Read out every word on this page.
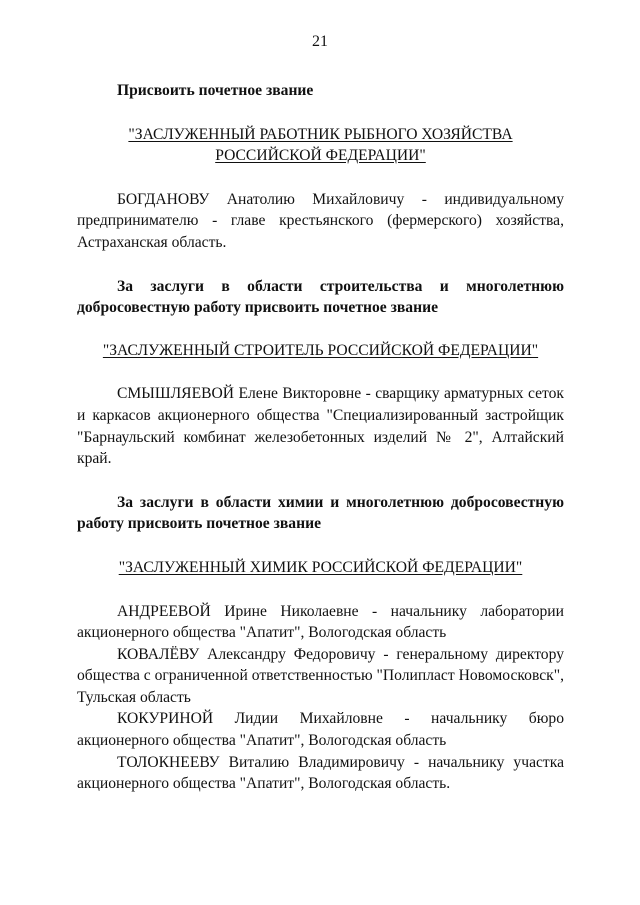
21

Присвоить почетное звание

"ЗАСЛУЖЕННЫЙ РАБОТНИК РЫБНОГО ХОЗЯЙСТВА
РОССИЙСКОЙ ФЕДЕРАЦИИ"

БОГДАНОВУ Анатолию Михайловичу - индивидуальному предпринимателю - главе крестьянского (фермерского) хозяйства, Астраханская область.

За заслуги в области строительства и многолетнюю добросовестную работу присвоить почетное звание

"ЗАСЛУЖЕННЫЙ СТРОИТЕЛЬ РОССИЙСКОЙ ФЕДЕРАЦИИ"

СМЫШЛЯЕВОЙ Елене Викторовне - сварщику арматурных сеток и каркасов акционерного общества "Специализированный застройщик "Барнаульский комбинат железобетонных изделий № 2", Алтайский край.

За заслуги в области химии и многолетнюю добросовестную работу присвоить почетное звание

"ЗАСЛУЖЕННЫЙ ХИМИК РОССИЙСКОЙ ФЕДЕРАЦИИ"

АНДРЕЕВОЙ Ирине Николаевне - начальнику лаборатории акционерного общества "Апатит", Вологодская область

КОВАЛЁВУ Александру Федоровичу - генеральному директору общества с ограниченной ответственностью "Полипласт Новомосковск", Тульская область

КОКУРИНОЙ Лидии Михайловне - начальнику бюро акционерного общества "Апатит", Вологодская область

ТОЛОКНЕЕВУ Виталию Владимировичу - начальнику участка акционерного общества "Апатит", Вологодская область.
